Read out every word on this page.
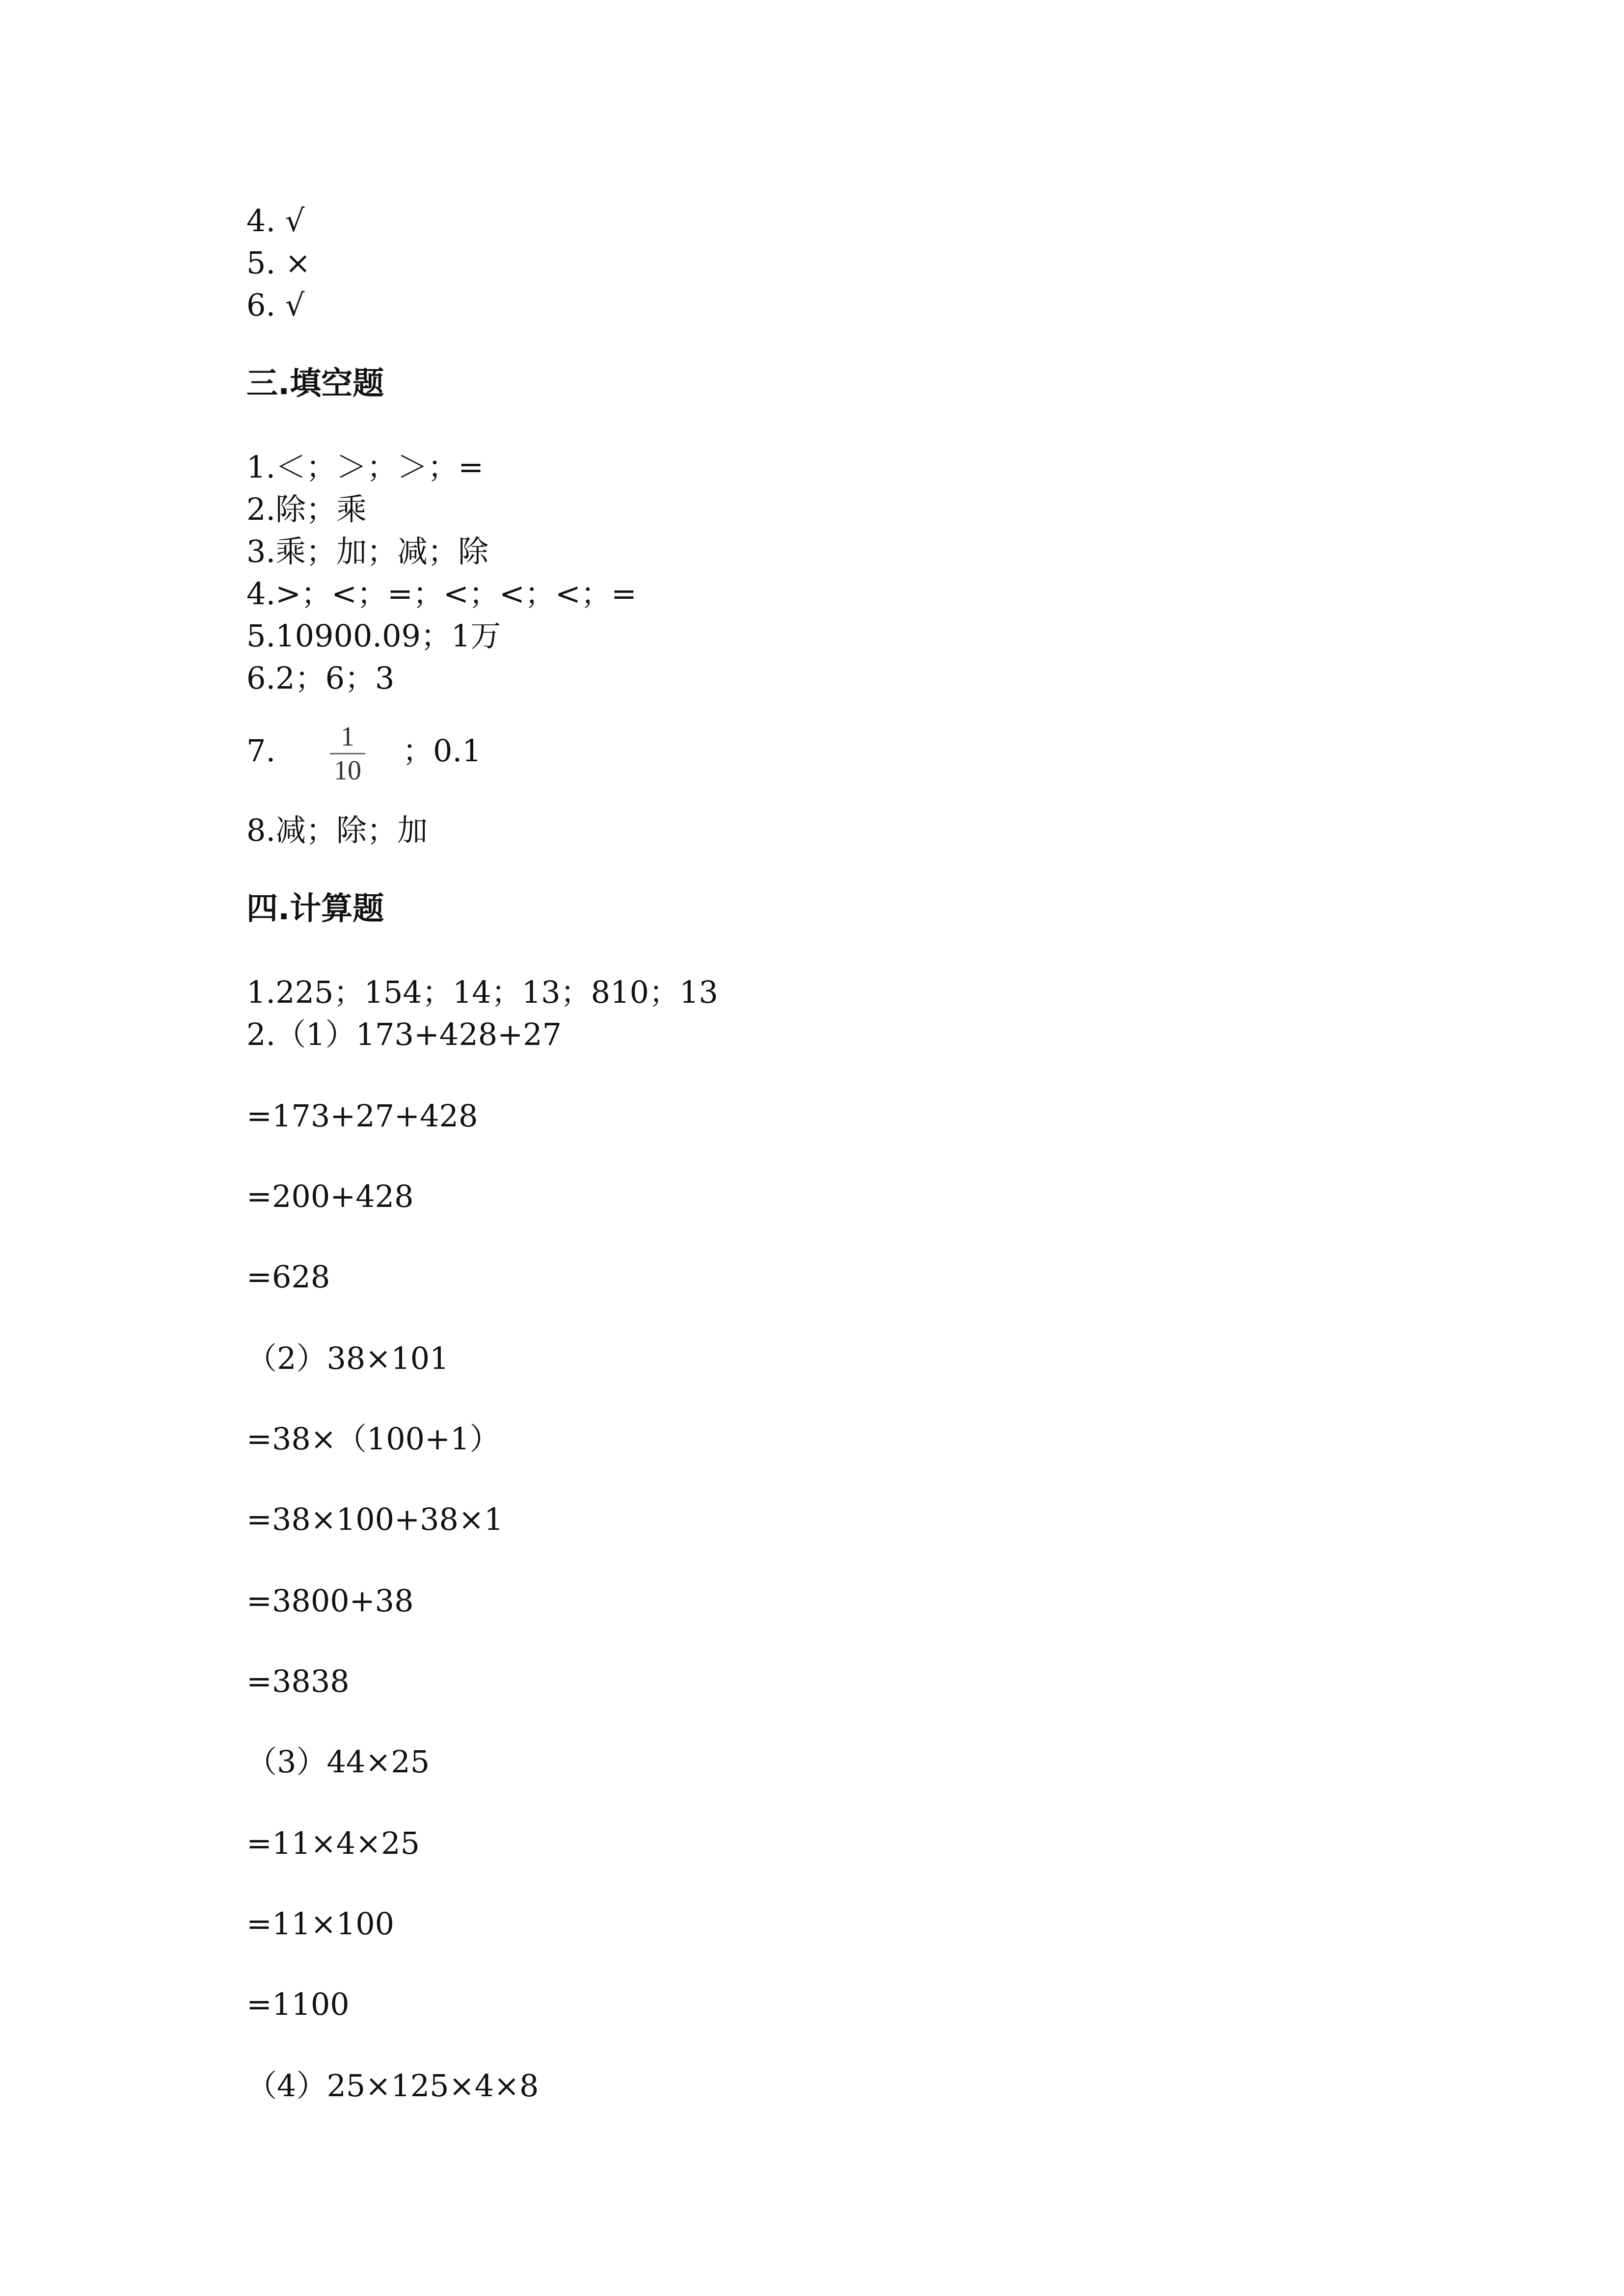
4. √
5. ×
6. √
三.填空题
1.＜；＞；＞；=
2.除；乘
3.乘；加；减；除
4.>；<；=；<；<；<；=
5.10900.09；1万
6.2；6；3
7.	1
10
；0.1
8.减；除；加
四.计算题
1.225；154；14；13；810；13
2.（1）173+428+27
=173+27+428
=200+428
=628
（2）38×101
=38×（100+1）
=38×100+38×1
=3800+38
=3838
（3）44×25
=11×4×25
=11×100
=1100
（4）25×125×4×8
